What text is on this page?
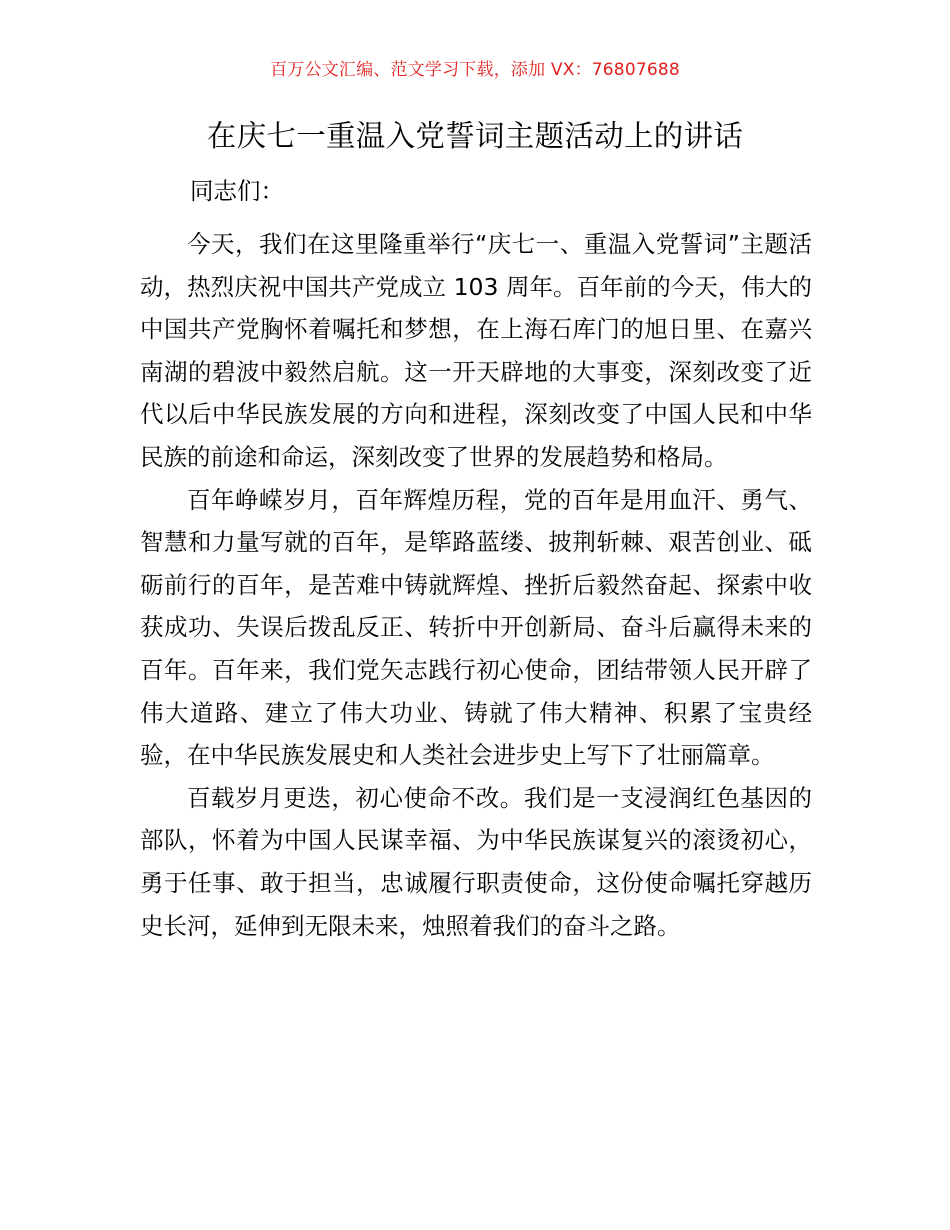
百万公文汇编、范文学习下载，添加 VX：76807688
在庆七一重温入党誓词主题活动上的讲话
同志们：

今天，我们在这里隆重举行“庆七一、重温入党誓词”主题活动，热烈庆祝中国共产党成立 103 周年。百年前的今天，伟大的中国共产党胸怀着嘱托和梦想，在上海石库门的旭日里、在嘉兴南湖的碧波中毅然启航。这一开天辟地的大事变，深刻改变了近代以后中华民族发展的方向和进程，深刻改变了中国人民和中华民族的前途和命运，深刻改变了世界的发展趋势和格局。

百年峥嵘岁月，百年辉煌历程，党的百年是用血汗、勇气、智慧和力量写就的百年，是筚路蓝缕、披荆斩棘、艰苦创业、砥砺前行的百年，是苦难中铸就辉煌、挫折后毅然奋起、探索中收获成功、失误后拨乱反正、转折中开创新局、奋斗后赢得未来的百年。百年来，我们党矢志践行初心使命，团结带领人民开辟了伟大道路、建立了伟大功业、铸就了伟大精神、积累了宝贵经验，在中华民族发展史和人类社会进步史上写下了壮丽篇章。

百载岁月更迭，初心使命不改。我们是一支浸润红色基因的部队，怀着为中国人民谋幸福、为中华民族谋复兴的滚烫初心，勇于任事、敢于担当，忠诚履行职责使命，这份使命嘱托穿越历史长河，延伸到无限未来，烛照着我们的奋斗之路。
